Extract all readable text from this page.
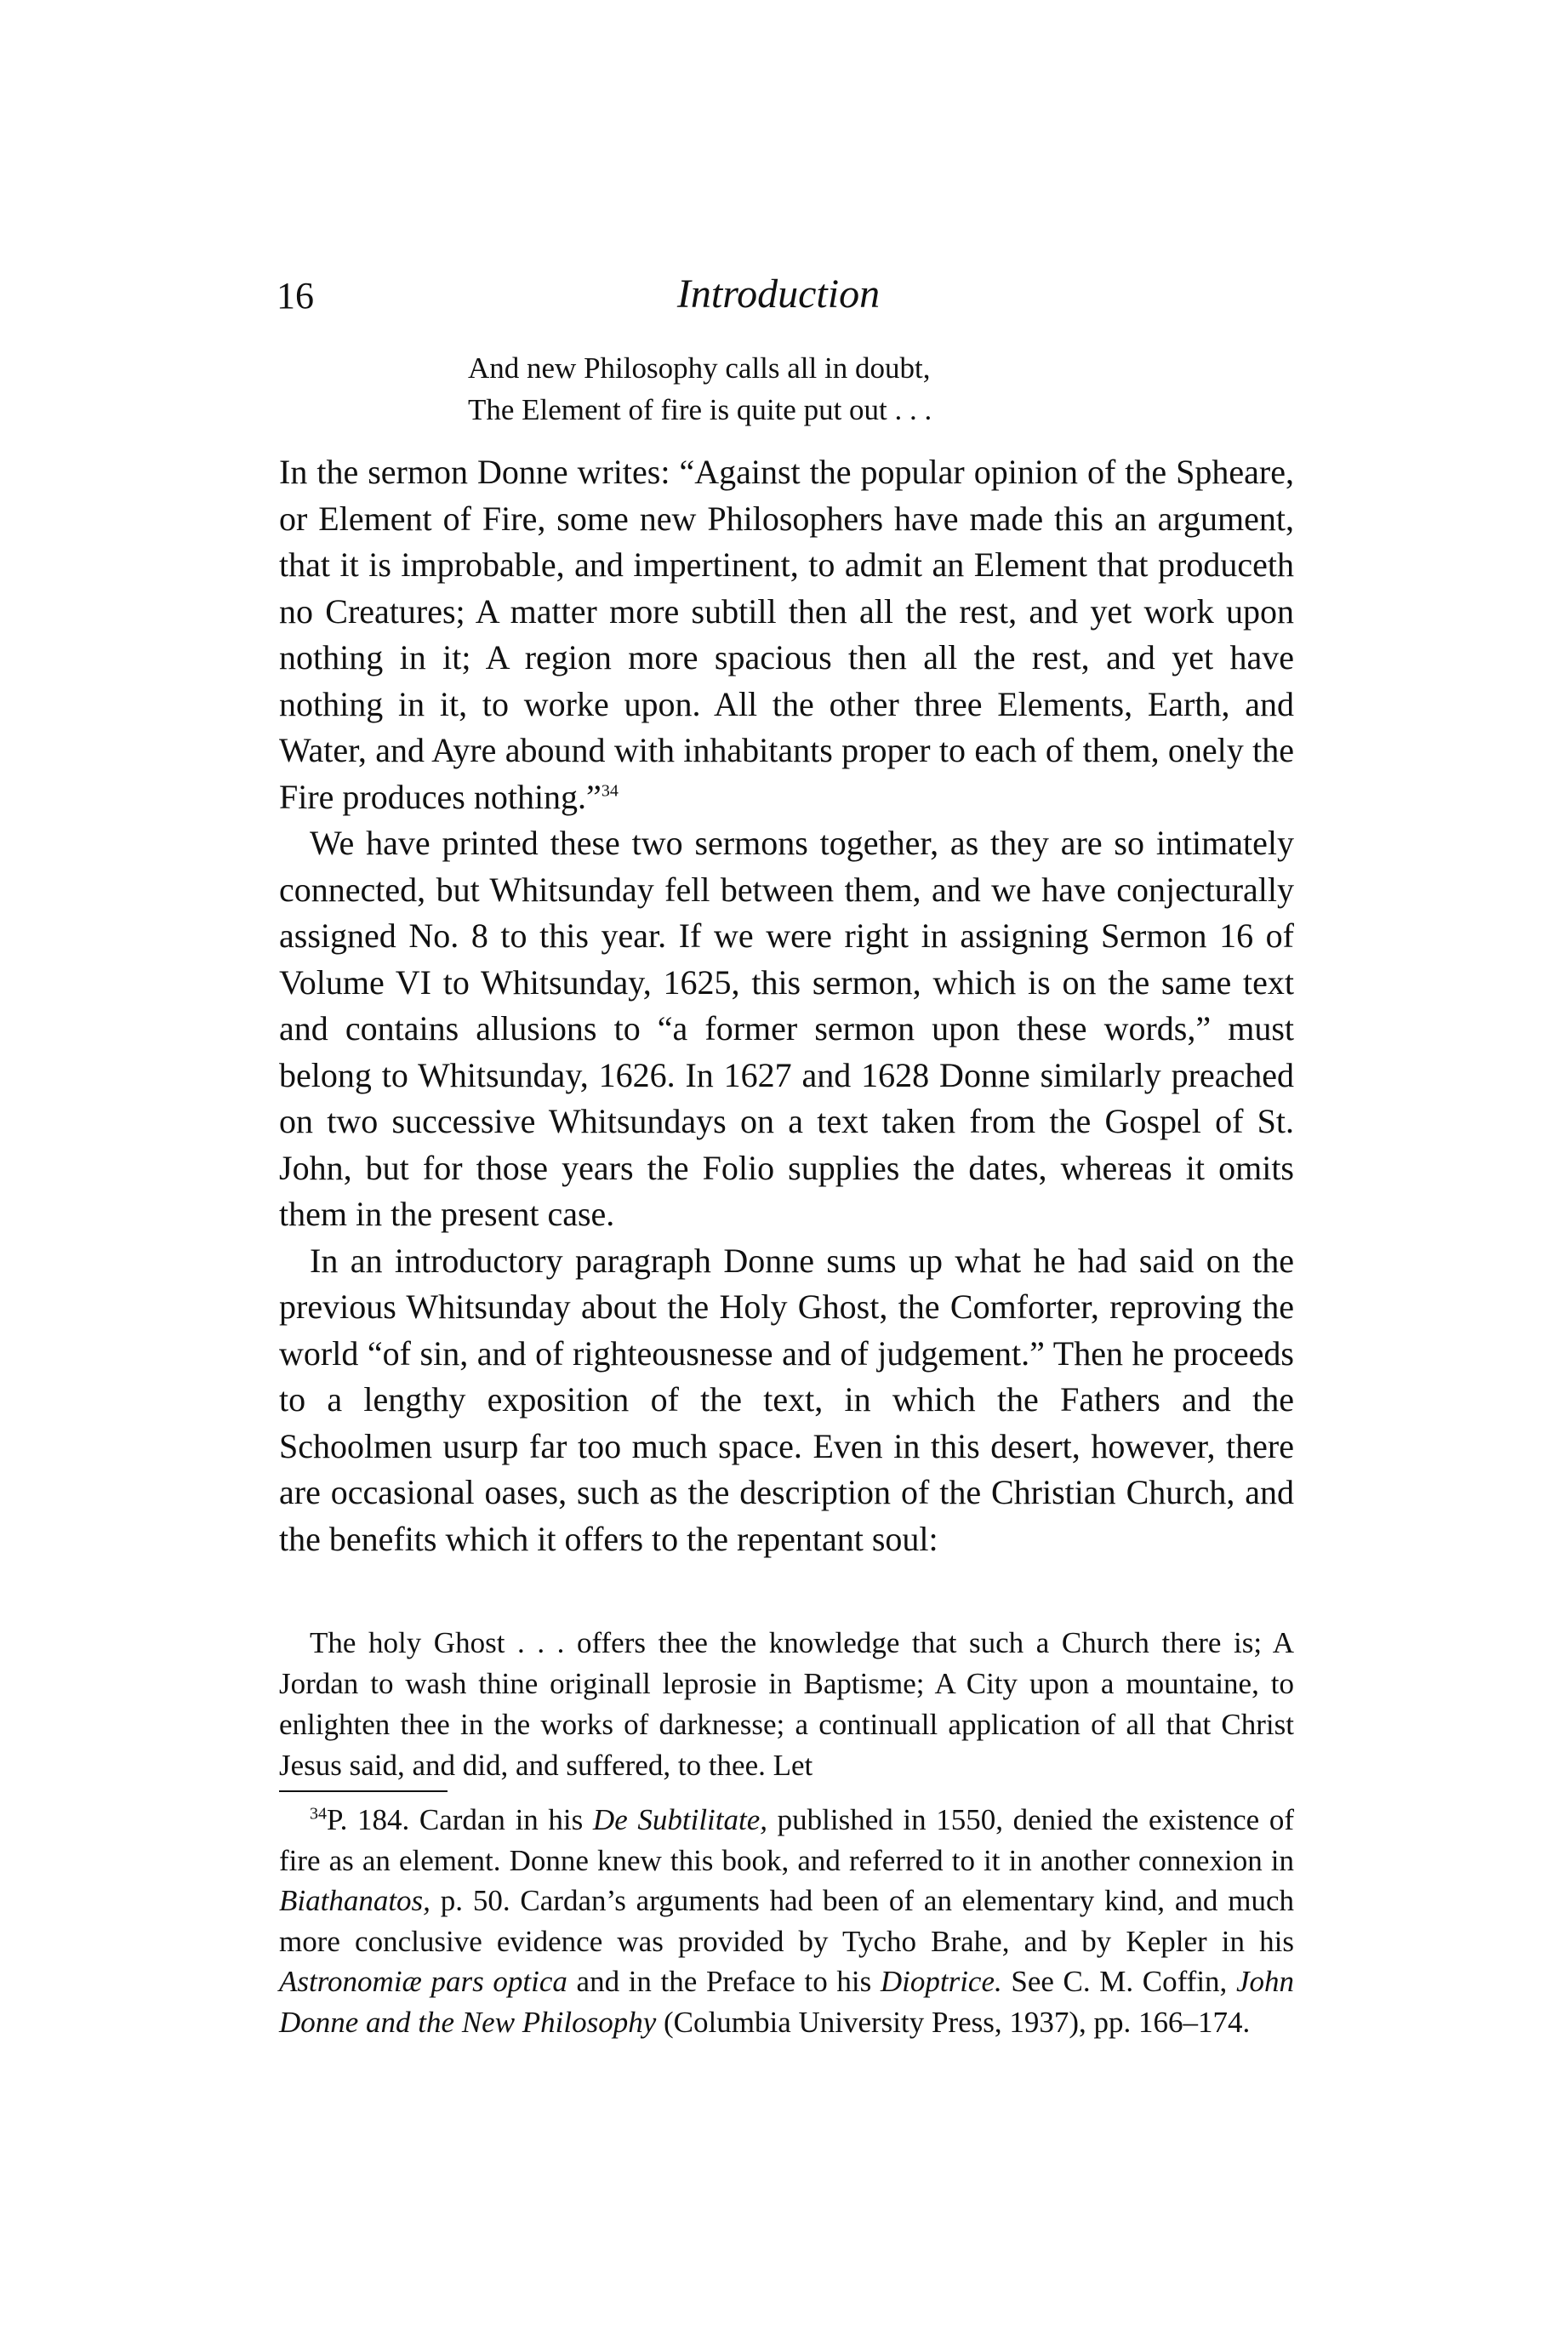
16	Introduction
And new Philosophy calls all in doubt,
The Element of fire is quite put out . . .

In the sermon Donne writes: “Against the popular opinion of the Spheare, or Element of Fire, some new Philosophers have made this an argument, that it is improbable, and impertinent, to admit an Element that produceth no Creatures; A matter more subtill then all the rest, and yet work upon nothing in it; A region more spacious then all the rest, and yet have nothing in it, to worke upon. All the other three Elements, Earth, and Water, and Ayre abound with inhabitants proper to each of them, onely the Fire produces nothing.”$^{34}$

We have printed these two sermons together, as they are so intimately connected, but Whitsunday fell between them, and we have conjecturally assigned No. 8 to this year. If we were right in assigning Sermon 16 of Volume VI to Whitsunday, 1625, this sermon, which is on the same text and contains allusions to “a former sermon upon these words,” must belong to Whitsunday, 1626. In 1627 and 1628 Donne similarly preached on two successive Whitsundays on a text taken from the Gospel of St. John, but for those years the Folio supplies the dates, whereas it omits them in the present case.

In an introductory paragraph Donne sums up what he had said on the previous Whitsunday about the Holy Ghost, the Comforter, reproving the world “of sin, and of righteousnesse and of judgement.” Then he proceeds to a lengthy exposition of the text, in which the Fathers and the Schoolmen usurp far too much space. Even in this desert, however, there are occasional oases, such as the description of the Christian Church, and the benefits which it offers to the repentant soul:

The holy Ghost . . . offers thee the knowledge that such a Church there is; A Jordan to wash thine originall leprosie in Baptisme; A City upon a mountaine, to enlighten thee in the works of darknesse; a continuall application of all that Christ Jesus said, and did, and suffered, to thee. Let
$^{34}$P. 184. Cardan in his De Subtilitate, published in 1550, denied the existence of fire as an element. Donne knew this book, and referred to it in another connexion in Biathanatos, p. 50. Cardan’s arguments had been of an elementary kind, and much more conclusive evidence was provided by Tycho Brahe, and by Kepler in his Astronomiæ pars optica and in the Preface to his Dioptrice. See C. M. Coffin, John Donne and the New Philosophy (Columbia University Press, 1937), pp. 166–174.
